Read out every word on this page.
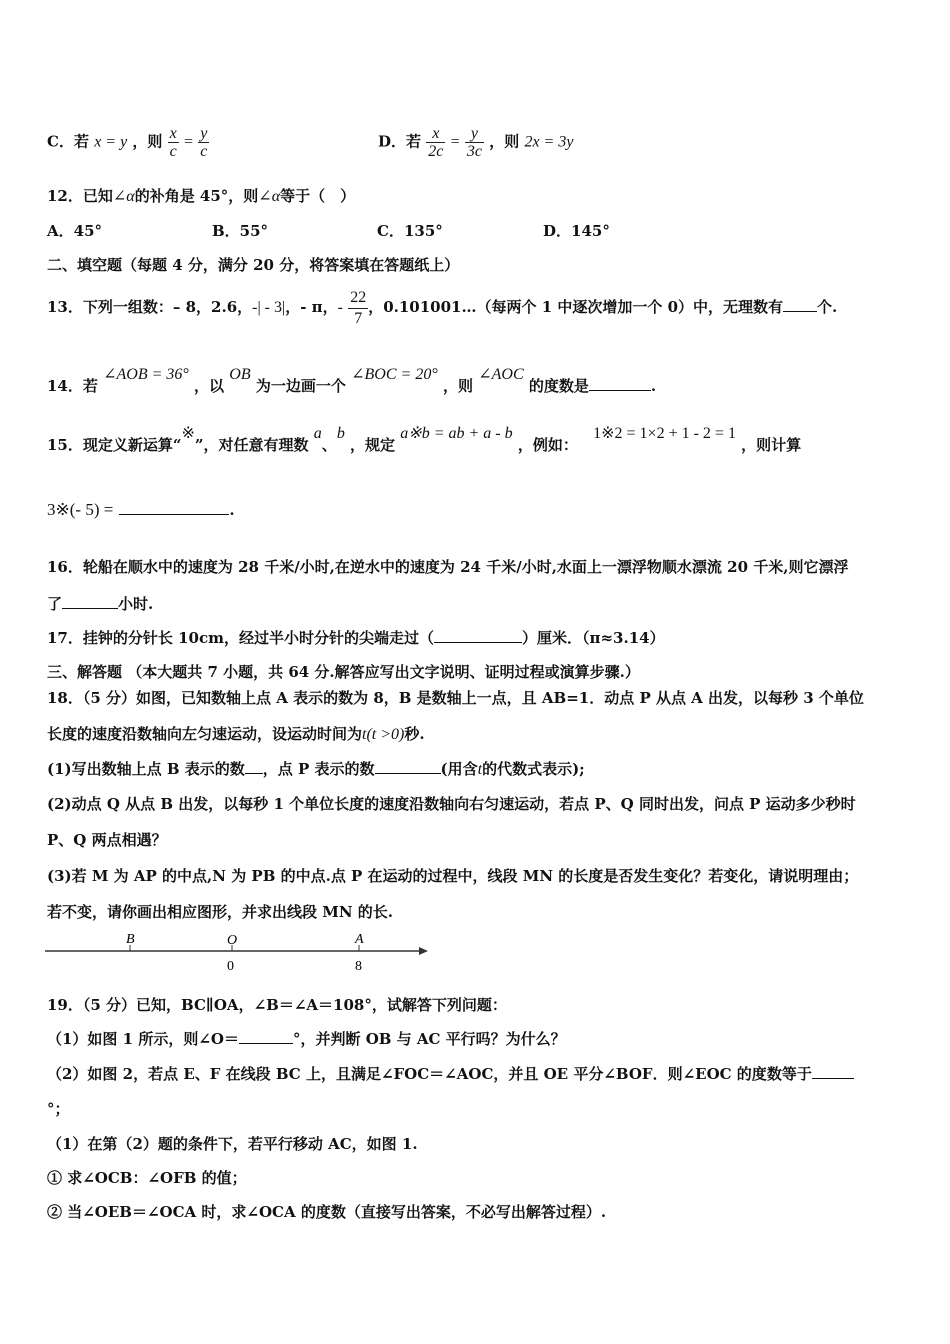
C．若 x = y ，则 $\frac{x}{c} = \frac{y}{c}$	D．若 $\frac{x}{2c} = \frac{y}{3c}$ ，则 2x = 3y
12．已知∠α的补角是 45°，则∠α等于（　）
A．45°	B．55°	C．135°	D．145°
二、填空题（每题 4 分，满分 20 分，将答案填在答题纸上）
13．下列一组数：– 8，2.6，-| - 3|，- π，- $\frac{22}{7}$ ，0.101001…（每两个 1 中逐次增加一个 0）中，无理数有 个.
14．若 ∠AOB = 36° ，以 OB 为一边画一个 ∠BOC = 20° ，则 ∠AOC 的度数是	.
15．现定义新运算“※”，对任意有理数 a、b ，规定 a※b = ab + a - b ，例如： 1※2 = 1×2 + 1 - 2 = 1 ，则计算
3※(- 5) =	.
16．轮船在顺水中的速度为 28 千米/小时,在逆水中的速度为 24 千米/小时,水面上一漂浮物顺水漂流 20 千米,则它漂浮
了	小时.
17．挂钟的分针长 10cm，经过半小时分针的尖端走过（	）厘米．（π≈3.14）
三、解答题 （本大题共 7 小题，共 64 分.解答应写出文字说明、证明过程或演算步骤.）
18．（5 分）如图，已知数轴上点 A 表示的数为 8，B 是数轴上一点，且 AB=1．动点 P 从点 A 出发，以每秒 3 个单位
长度的速度沿数轴向左匀速运动，设运动时间为t(t >0)秒.
(1)写出数轴上点 B 表示的数 ，点 P 表示的数	(用含t的代数式表示);
(2)动点 Q 从点 B 出发，以每秒 1 个单位长度的速度沿数轴向右匀速运动，若点 P、Q 同时出发，问点 P 运动多少秒时
P、Q 两点相遇？
(3)若 M 为 AP 的中点,N 为 PB 的中点.点 P 在运动的过程中，线段 MN 的长度是否发生变化？若变化，请说明理由；
若不变，请你画出相应图形，并求出线段 MN 的长.
B	O	A
0	8
19．（5 分）已知，BC∥OA，∠B＝∠A＝108°，试解答下列问题：
（1）如图 1 所示，则∠O＝	°，并判断 OB 与 AC 平行吗？为什么？
（2）如图 2，若点 E、F 在线段 BC 上，且满足∠FOC＝∠AOC，并且 OE 平分∠BOF．则∠EOC 的度数等于
°；
（1）在第（2）题的条件下，若平行移动 AC，如图 1.
① 求∠OCB：∠OFB 的值；
② 当∠OEB＝∠OCA 时，求∠OCA 的度数（直接写出答案，不必写出解答过程）.
